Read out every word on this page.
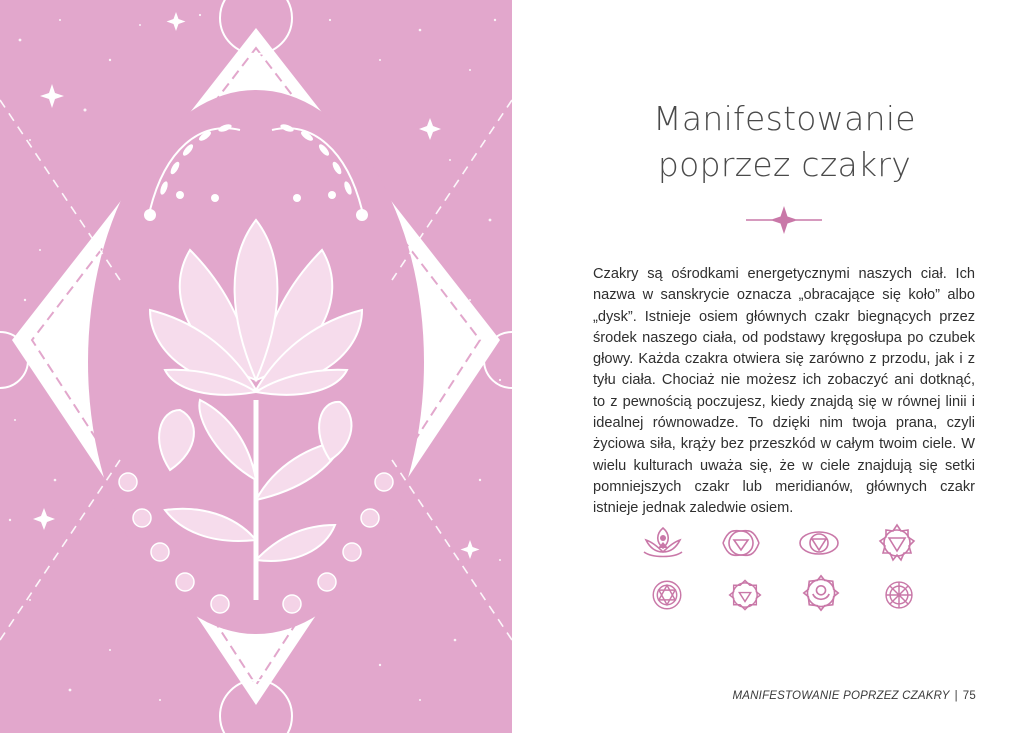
Manifestowanie
poprzez czakry

Czakry są ośrodkami energetycznymi naszych ciał. Ich nazwa w sanskrycie oznacza „obracające się koło” albo „dysk”. Istnieje osiem głównych czakr biegnących przez środek naszego ciała, od podstawy kręgosłupa po czubek głowy. Każda czakra otwiera się zarówno z przodu, jak i z tyłu ciała. Chociaż nie możesz ich zobaczyć ani dotknąć, to z pewnością poczujesz, kiedy znajdą się w równej linii i idealnej równowadze. To dzięki nim twoja prana, czyli życiowa siła, krąży bez przeszkód w całym twoim ciele. W wielu kulturach uważa się, że w ciele znajdują się setki pomniejszych czakr lub meridianów, głównych czakr istnieje jednak zaledwie osiem.

MANIFESTOWANIE POPRZEZ CZAKRY | 75
